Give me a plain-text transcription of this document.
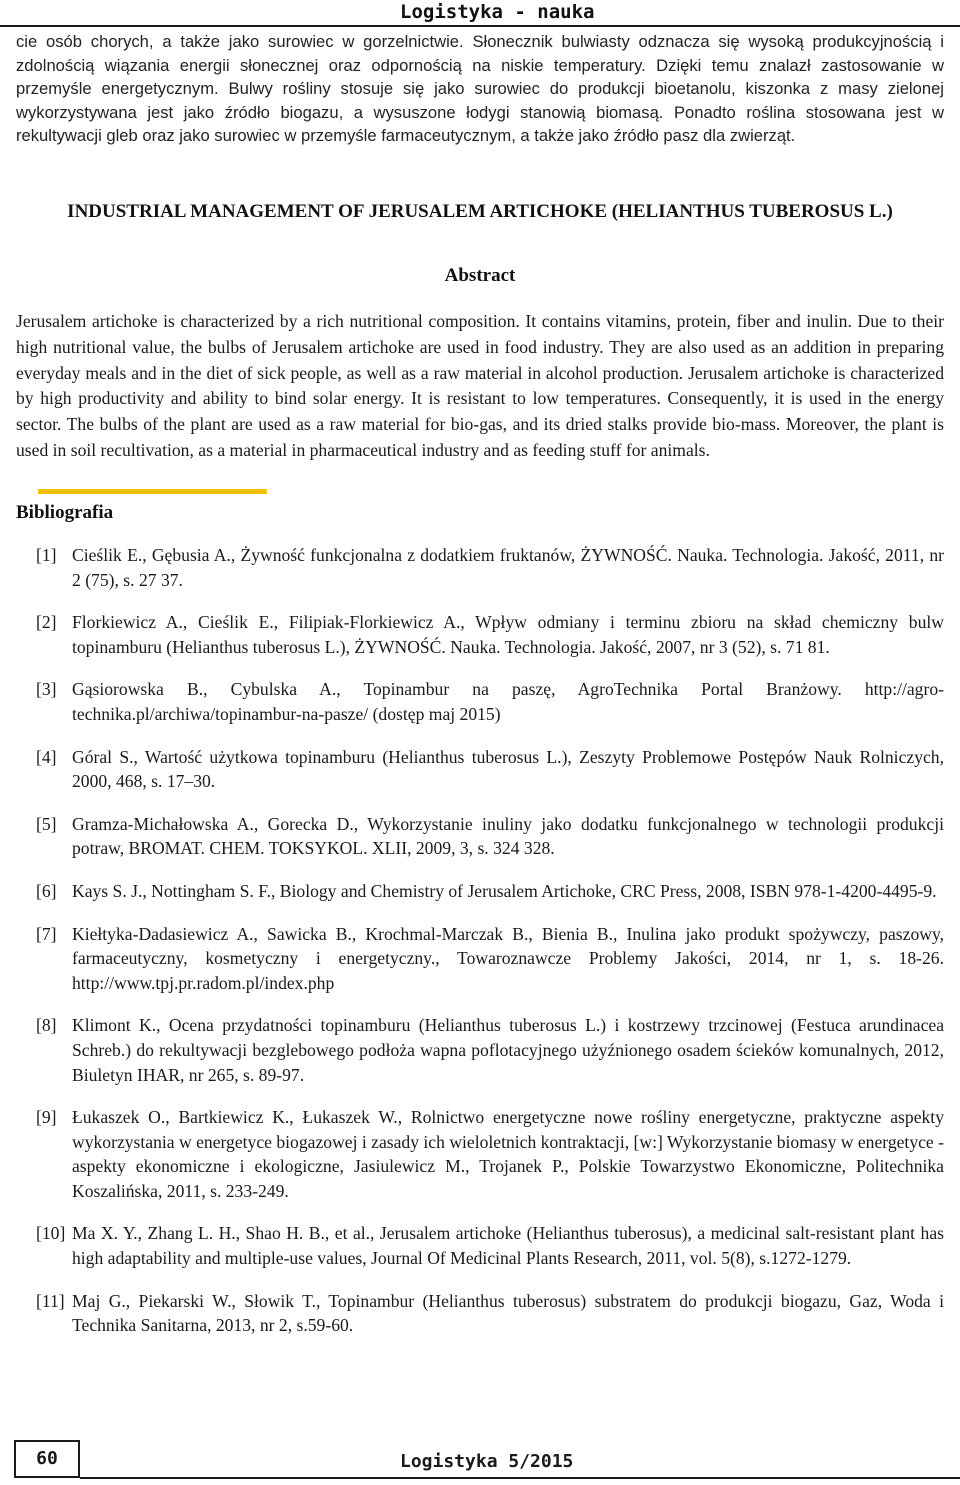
Logistyka - nauka
cie osób chorych, a także jako surowiec w gorzelnictwie. Słonecznik bulwiasty odznacza się wysoką produkcyjnością i zdolnością wiązania energii słonecznej oraz odpornością na niskie temperatury. Dzięki temu znalazł zastosowanie w przemyśle energetycznym. Bulwy rośliny stosuje się jako surowiec do produkcji bioetanolu, kiszonka z masy zielonej wykorzystywana jest jako źródło biogazu, a wysuszone łodygi stanowią biomasą. Ponadto roślina stosowana jest w rekultywacji gleb oraz jako surowiec w przemyśle farmaceutycznym, a także jako źródło pasz dla zwierząt.
INDUSTRIAL MANAGEMENT OF JERUSALEM ARTICHOKE (HELIANTHUS TUBEROSUS L.)
Abstract
Jerusalem artichoke is characterized by a rich nutritional composition. It contains vitamins, protein, fiber and inulin. Due to their high nutritional value, the bulbs of Jerusalem artichoke are used in food industry. They are also used as an addition in preparing everyday meals and in the diet of sick people, as well as a raw material in alcohol production. Jerusalem artichoke is characterized by high productivity and ability to bind solar energy. It is resistant to low temperatures. Consequently, it is used in the energy sector. The bulbs of the plant are used as a raw material for bio-gas, and its dried stalks provide bio-mass. Moreover, the plant is used in soil recultivation, as a material in pharmaceutical industry and as feeding stuff for animals.
Bibliografia
[1] Cieślik E., Gębusia A., Żywność funkcjonalna z dodatkiem fruktanów, ŻYWNOŚĆ. Nauka. Technologia. Jakość, 2011, nr 2 (75), s. 27 37.
[2] Florkiewicz A., Cieślik E., Filipiak-Florkiewicz A., Wpływ odmiany i terminu zbioru na skład chemiczny bulw topinamburu (Helianthus tuberosus L.), ŻYWNOŚĆ. Nauka. Technologia. Jakość, 2007, nr 3 (52), s. 71 81.
[3] Gąsiorowska B., Cybulska A., Topinambur na paszę, AgroTechnika Portal Branżowy. http://agro-technika.pl/archiwa/topinambur-na-pasze/ (dostęp maj 2015)
[4] Góral S., Wartość użytkowa topinamburu (Helianthus tuberosus L.), Zeszyty Problemowe Postępów Nauk Rolniczych, 2000, 468, s. 17–30.
[5] Gramza-Michałowska A., Gorecka D., Wykorzystanie inuliny jako dodatku funkcjonalnego w technologii produkcji potraw, BROMAT. CHEM. TOKSYKOL. XLII, 2009, 3, s. 324 328.
[6] Kays S. J., Nottingham S. F., Biology and Chemistry of Jerusalem Artichoke, CRC Press, 2008, ISBN 978-1-4200-4495-9.
[7] Kiełtyka-Dadasiewicz A., Sawicka B., Krochmal-Marczak B., Bienia B., Inulina jako produkt spożywczy, paszowy, farmaceutyczny, kosmetyczny i energetyczny., Towaroznawcze Problemy Jakości, 2014, nr 1, s. 18-26. http://www.tpj.pr.radom.pl/index.php
[8] Klimont K., Ocena przydatności topinamburu (Helianthus tuberosus L.) i kostrzewy trzcinowej (Festuca arundinacea Schreb.) do rekultywacji bezglebowego podłoża wapna poflotacyjnego użyźnionego osadem ścieków komunalnych, 2012, Biuletyn IHAR, nr 265, s. 89-97.
[9] Łukaszek O., Bartkiewicz K., Łukaszek W., Rolnictwo energetyczne nowe rośliny energetyczne, praktyczne aspekty wykorzystania w energetyce biogazowej i zasady ich wieloletnich kontraktacji, [w:] Wykorzystanie biomasy w energetyce - aspekty ekonomiczne i ekologiczne, Jasiulewicz M., Trojanek P., Polskie Towarzystwo Ekonomiczne, Politechnika Koszalińska, 2011, s. 233-249.
[10] Ma X. Y., Zhang L. H., Shao H. B., et al., Jerusalem artichoke (Helianthus tuberosus), a medicinal salt-resistant plant has high adaptability and multiple-use values, Journal Of Medicinal Plants Research, 2011, vol. 5(8), s.1272-1279.
[11] Maj G., Piekarski W., Słowik T., Topinambur (Helianthus tuberosus) substratem do produkcji biogazu, Gaz, Woda i Technika Sanitarna, 2013, nr 2, s.59-60.
60	Logistyka 5/2015
